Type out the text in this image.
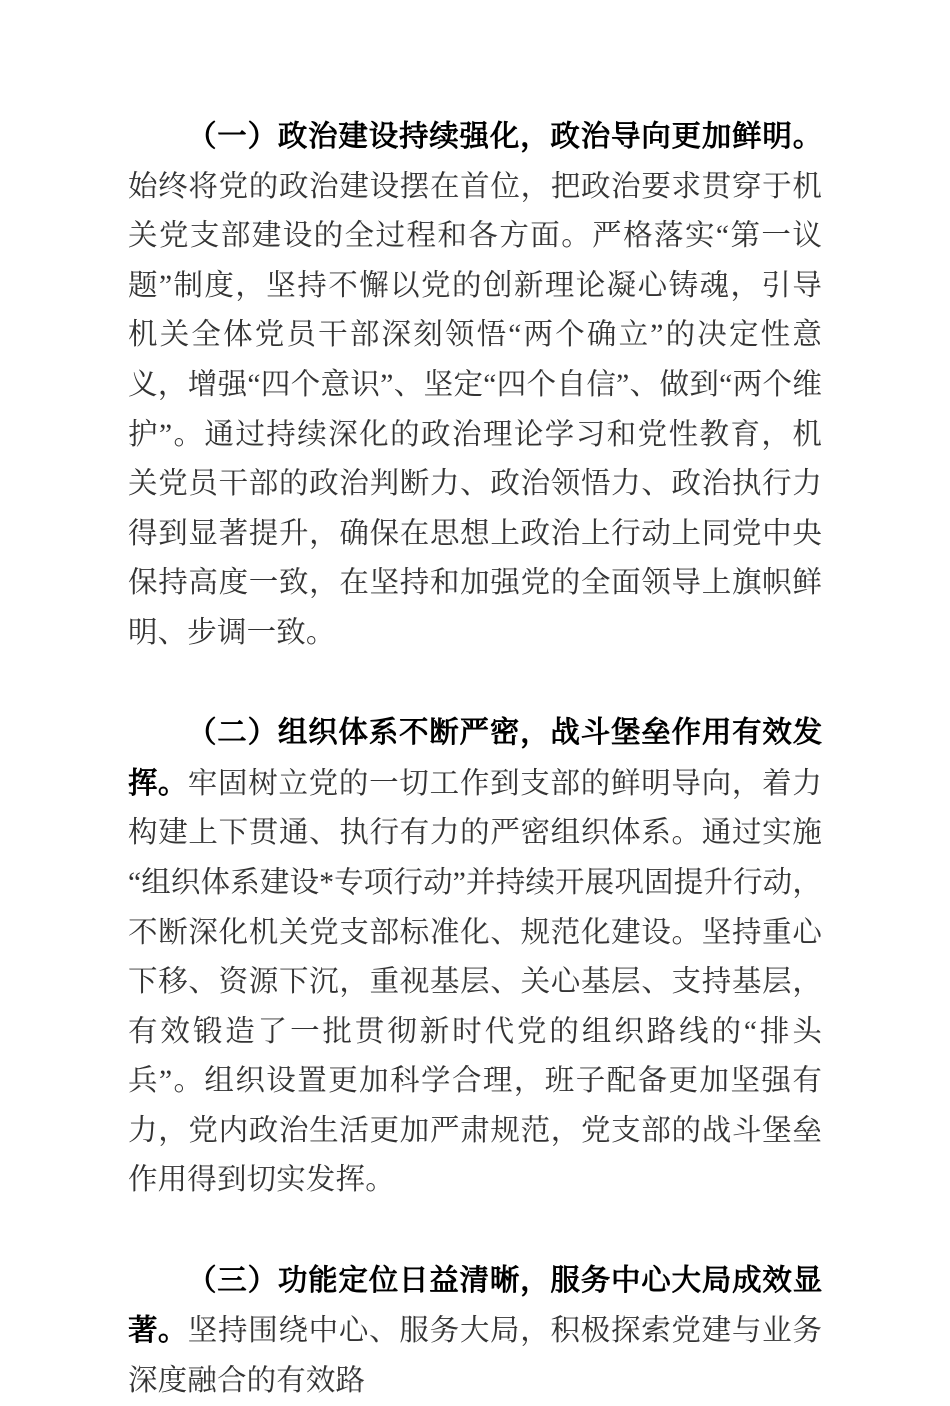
（一）政治建设持续强化，政治导向更加鲜明。始终将党的政治建设摆在首位，把政治要求贯穿于机关党支部建设的全过程和各方面。严格落实“第一议题”制度，坚持不懈以党的创新理论凝心铸魂，引导机关全体党员干部深刻领悟“两个确立”的决定性意义，增强“四个意识”、坚定“四个自信”、做到“两个维护”。通过持续深化的政治理论学习和党性教育，机关党员干部的政治判断力、政治领悟力、政治执行力得到显著提升，确保在思想上政治上行动上同党中央保持高度一致，在坚持和加强党的全面领导上旗帜鲜明、步调一致。

（二）组织体系不断严密，战斗堡垒作用有效发挥。牢固树立党的一切工作到支部的鲜明导向，着力构建上下贯通、执行有力的严密组织体系。通过实施“组织体系建设*专项行动”并持续开展巩固提升行动，不断深化机关党支部标准化、规范化建设。坚持重心下移、资源下沉，重视基层、关心基层、支持基层，有效锻造了一批贯彻新时代党的组织路线的“排头兵”。组织设置更加科学合理，班子配备更加坚强有力，党内政治生活更加严肃规范，党支部的战斗堡垒作用得到切实发挥。

（三）功能定位日益清晰，服务中心大局成效显著。坚持围绕中心、服务大局，积极探索党建与业务深度融合的有效路
